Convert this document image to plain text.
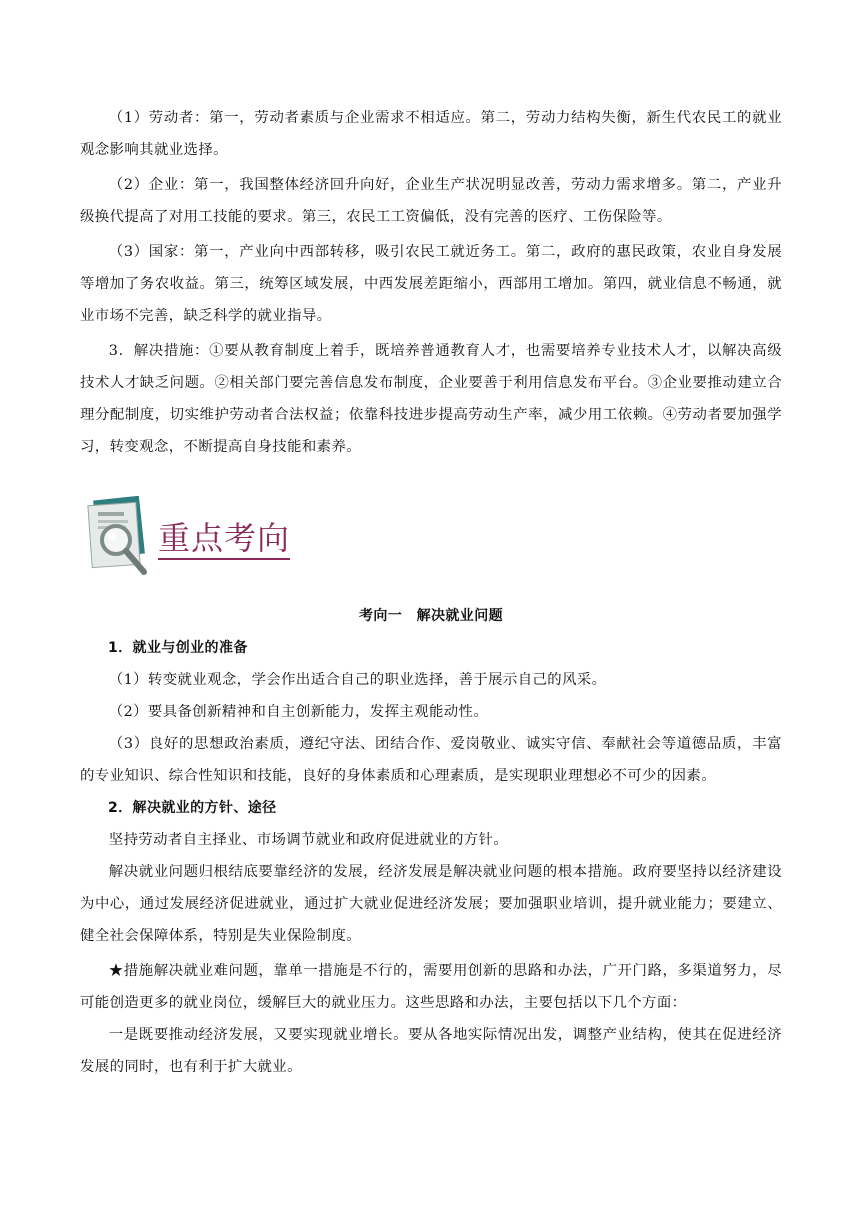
（1）劳动者：第一，劳动者素质与企业需求不相适应。第二，劳动力结构失衡，新生代农民工的就业观念影响其就业选择。

（2）企业：第一，我国整体经济回升向好，企业生产状况明显改善，劳动力需求增多。第二，产业升级换代提高了对用工技能的要求。第三，农民工工资偏低，没有完善的医疗、工伤保险等。

（3）国家：第一，产业向中西部转移，吸引农民工就近务工。第二，政府的惠民政策，农业自身发展等增加了务农收益。第三，统筹区域发展，中西发展差距缩小，西部用工增加。第四，就业信息不畅通，就业市场不完善，缺乏科学的就业指导。

3．解决措施：①要从教育制度上着手，既培养普通教育人才，也需要培养专业技术人才，以解决高级技术人才缺乏问题。②相关部门要完善信息发布制度，企业要善于利用信息发布平台。③企业要推动建立合理分配制度，切实维护劳动者合法权益；依靠科技进步提高劳动生产率，减少用工依赖。④劳动者要加强学习，转变观念，不断提高自身技能和素养。

重点考向

考向一　解决就业问题

1．就业与创业的准备

（1）转变就业观念，学会作出适合自己的职业选择，善于展示自己的风采。

（2）要具备创新精神和自主创新能力，发挥主观能动性。

（3）良好的思想政治素质，遵纪守法、团结合作、爱岗敬业、诚实守信、奉献社会等道德品质，丰富的专业知识、综合性知识和技能，良好的身体素质和心理素质，是实现职业理想必不可少的因素。

2．解决就业的方针、途径

坚持劳动者自主择业、市场调节就业和政府促进就业的方针。

解决就业问题归根结底要靠经济的发展，经济发展是解决就业问题的根本措施。政府要坚持以经济建设为中心，通过发展经济促进就业，通过扩大就业促进经济发展；要加强职业培训，提升就业能力；要建立、健全社会保障体系，特别是失业保险制度。

★措施解决就业难问题，靠单一措施是不行的，需要用创新的思路和办法，广开门路，多渠道努力，尽可能创造更多的就业岗位，缓解巨大的就业压力。这些思路和办法，主要包括以下几个方面：

一是既要推动经济发展，又要实现就业增长。要从各地实际情况出发，调整产业结构，使其在促进经济发展的同时，也有利于扩大就业。
